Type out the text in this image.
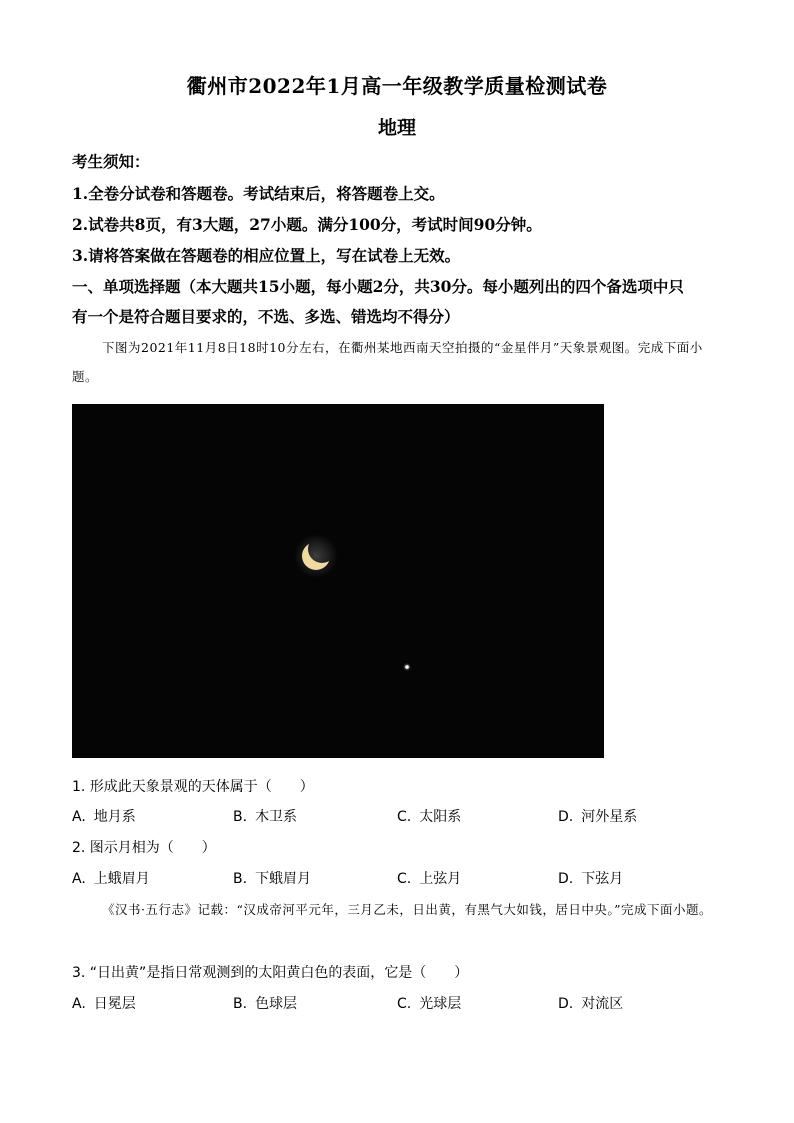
衢州市2022年1月高一年级教学质量检测试卷
地理
考生须知：
1.全卷分试卷和答题卷。考试结束后，将答题卷上交。
2.试卷共8页，有3大题，27小题。满分100分，考试时间90分钟。
3.请将答案做在答题卷的相应位置上，写在试卷上无效。
一、单项选择题（本大题共15小题，每小题2分，共30分。每小题列出的四个备选项中只
有一个是符合题目要求的，不选、多选、错选均不得分）
下图为2021年11月8日18时10分左右，在衢州某地西南天空拍摄的“金星伴月”天象景观图。完成下面小题。
1. 形成此天象景观的天体属于（　　）
A. 地月系	B. 木卫系	C. 太阳系	D. 河外星系
2. 图示月相为（　　）
A. 上蛾眉月	B. 下蛾眉月	C. 上弦月	D. 下弦月
《汉书·五行志》记载：“汉成帝河平元年，三月乙未，日出黄，有黑气大如钱，居日中央。”完成下面小题。
3. “日出黄”是指日常观测到的太阳黄白色的表面，它是（　　）
A. 日冕层	B. 色球层	C. 光球层	D. 对流区
